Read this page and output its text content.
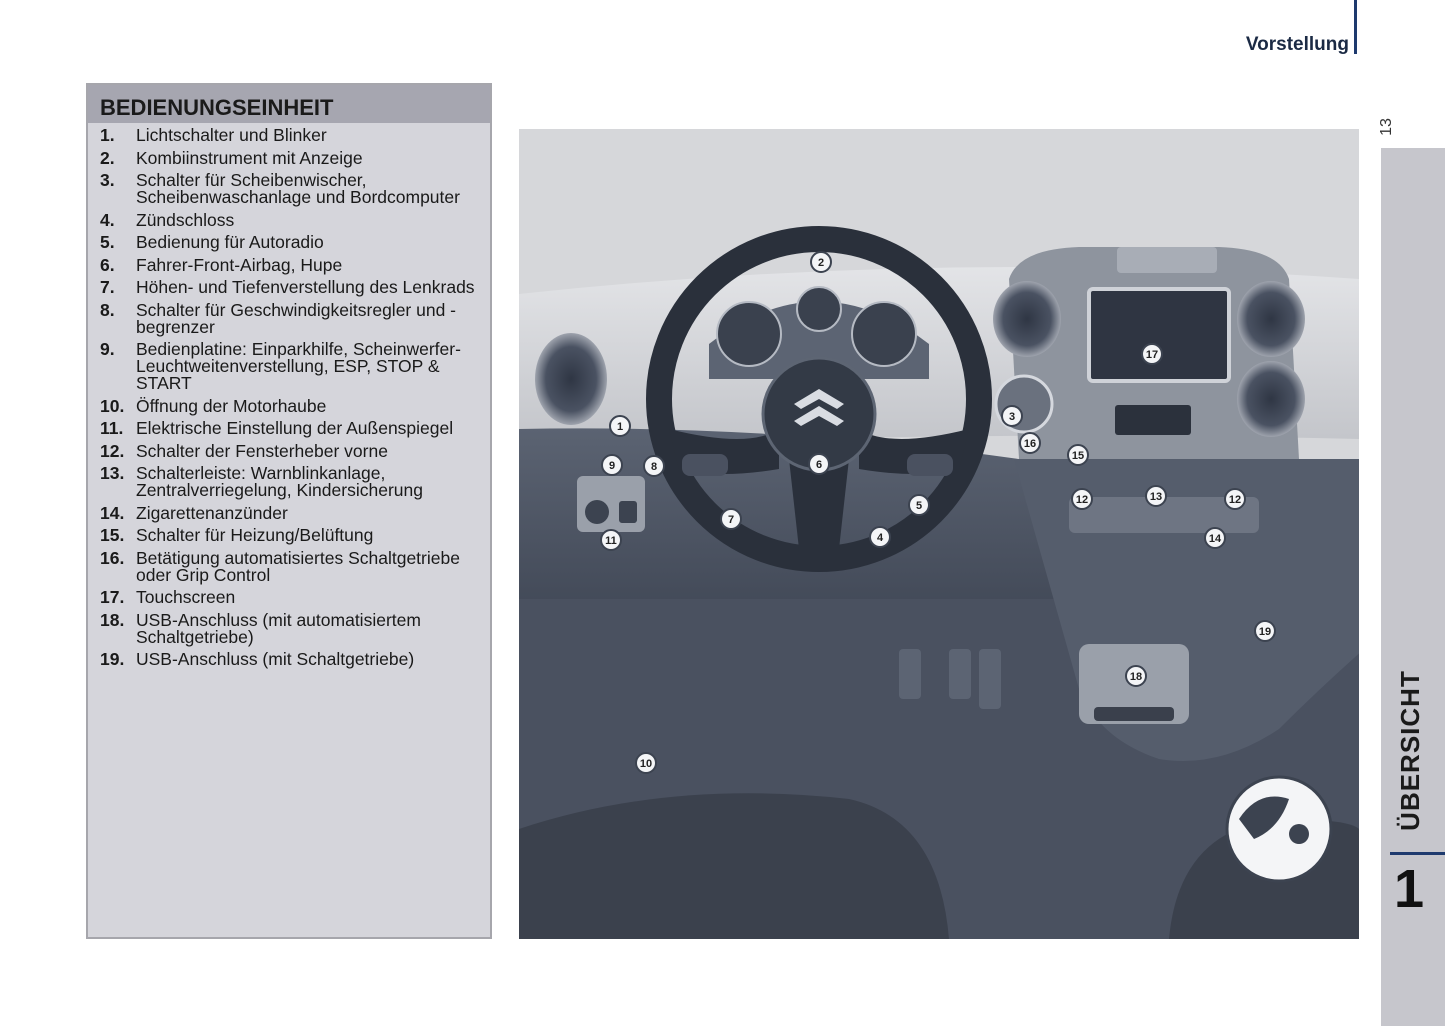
Vorstellung
13
ÜBERSICHT
1
BEDIENUNGSEINHEIT
1.	Lichtschalter und Blinker
2.	Kombiinstrument mit Anzeige
3.	Schalter für Scheibenwischer, Scheibenwaschanlage und Bordcomputer
4.	Zündschloss
5.	Bedienung für Autoradio
6.	Fahrer-Front-Airbag, Hupe
7.	Höhen- und Tiefenverstellung des Lenkrads
8.	Schalter für Geschwindigkeitsregler und -begrenzer
9.	Bedienplatine: Einparkhilfe, Scheinwerfer-Leuchtweitenverstellung, ESP, STOP & START
10. Öffnung der Motorhaube
11. Elektrische Einstellung der Außenspiegel
12. Schalter der Fensterheber vorne
13. Schalterleiste: Warnblinkanlage, Zentralverriegelung, Kindersicherung
14. Zigarettenanzünder
15. Schalter für Heizung/Belüftung
16. Betätigung automatisiertes Schaltgetriebe oder Grip Control
17. Touchscreen
18. USB-Anschluss (mit automatisiertem Schaltgetriebe)
19. USB-Anschluss (mit Schaltgetriebe)
1
2
3
4
5
6
7
8
9
10
11
12	12
13
14
15
16
17
18
19
